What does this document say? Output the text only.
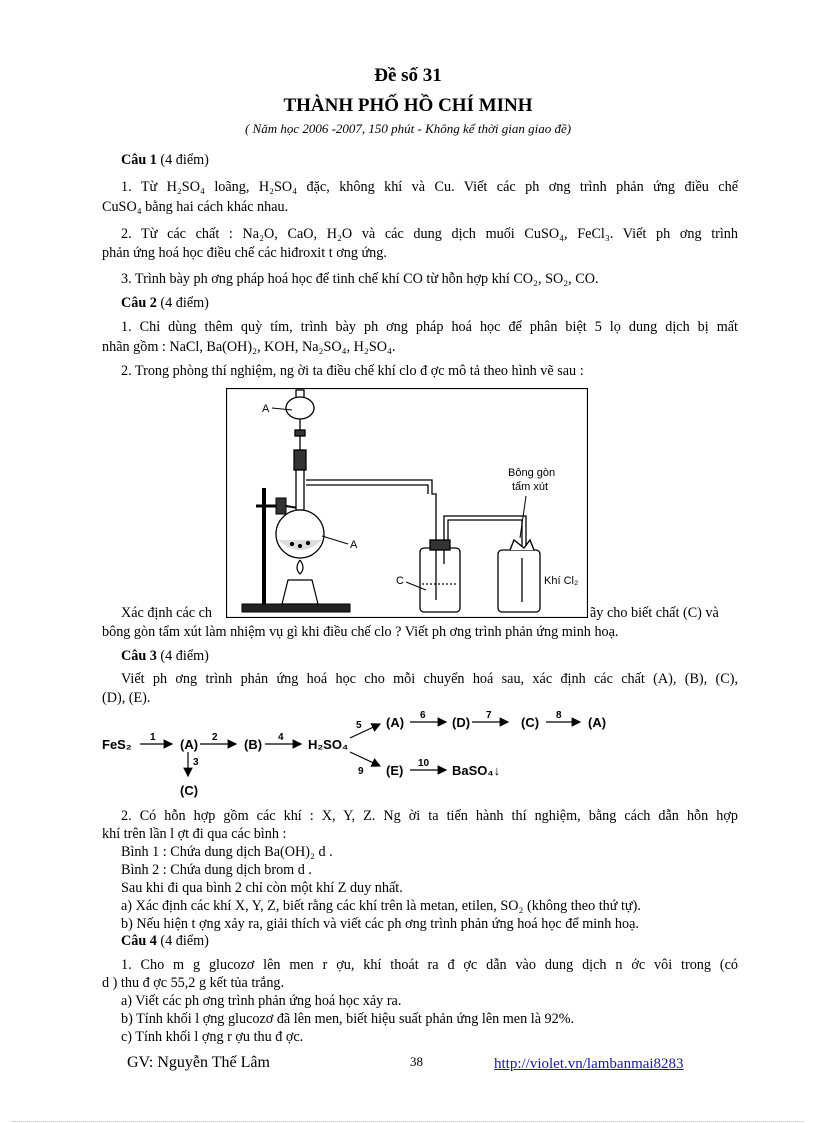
Đề số 31
THÀNH PHỐ HỒ CHÍ MINH
( Năm học 2006 -2007, 150 phút - Không kể thời gian giao đề)
Câu 1 (4 điểm)
1. Từ H₂SO₄ loãng, H₂SO₄ đặc, không khí và Cu. Viết các ph ơng trình phản ứng điều chế
CuSO₄ bằng hai cách khác nhau.
2. Từ các chất : Na₂O, CaO, H₂O và các dung dịch muối CuSO₄, FeCl₃. Viết ph ơng trình
phản ứng hoá học điều chế các hiđroxit t ơng ứng.
3. Trình bày ph ơng pháp hoá học để tinh chế khí CO từ hỗn hợp khí CO₂, SO₂, CO.
Câu 2 (4 điểm)
1. Chỉ dùng thêm quỳ tím, trình bày ph ơng pháp hoá học để phân biệt 5 lọ dung dịch bị mất
nhãn gồm : NaCl, Ba(OH)₂, KOH, Na₂SO₄, H₂SO₄.
2. Trong phòng thí nghiệm, ng ời ta điều chế khí clo đ ợc mô tả theo hình vẽ sau :
A
A
C
Bông gòn
tẩm xút
Khí Cl₂
Xác định các ch	ãy cho biết chất (C) và
bông gòn tẩm xút làm nhiệm vụ gì khi điều chế clo ? Viết ph ơng trình phản ứng minh hoạ.
Câu 3 (4 điểm)
Viết ph ơng trình phản ứng hoá học cho mỗi chuyển hoá sau, xác định các chất (A), (B), (C),
(D), (E).
FeS₂	(A)	(B)	H₂SO₄
(C)
(A)	(D)	(C)	(A)
(E)	BaSO₄↓
1	2	4
3
5
9
6	7	8
10
2. Có hỗn hợp gồm các khí : X, Y, Z. Ng ời ta tiến hành thí nghiệm, bằng cách dẫn hỗn hợp
khí trên lần l ợt đi qua các bình :
Bình 1 : Chứa dung dịch Ba(OH)₂ d .
Bình 2 : Chứa dung dịch brom d .
Sau khi đi qua bình 2 chỉ còn một khí Z duy nhất.
a) Xác định các khí X, Y, Z, biết rằng các khí trên là metan, etilen, SO₂ (không theo thứ tự).
b) Nếu hiện t ợng xảy ra, giải thích và viết các ph ơng trình phản ứng hoá học để minh hoạ.
Câu 4 (4 điểm)
1. Cho m g glucozơ lên men r ợu, khí thoát ra đ ợc dẫn vào dung dịch n ớc vôi trong (có
d ) thu đ ợc 55,2 g kết tủa trắng.
a) Viết các ph ơng trình phản ứng hoá học xảy ra.
b) Tính khối l ợng glucozơ đã lên men, biết hiệu suất phản ứng lên men là 92%.
c) Tính khối l ợng r ợu thu đ ợc.
GV: Nguyễn Thế Lâm	38	http://violet.vn/lambanmai8283
